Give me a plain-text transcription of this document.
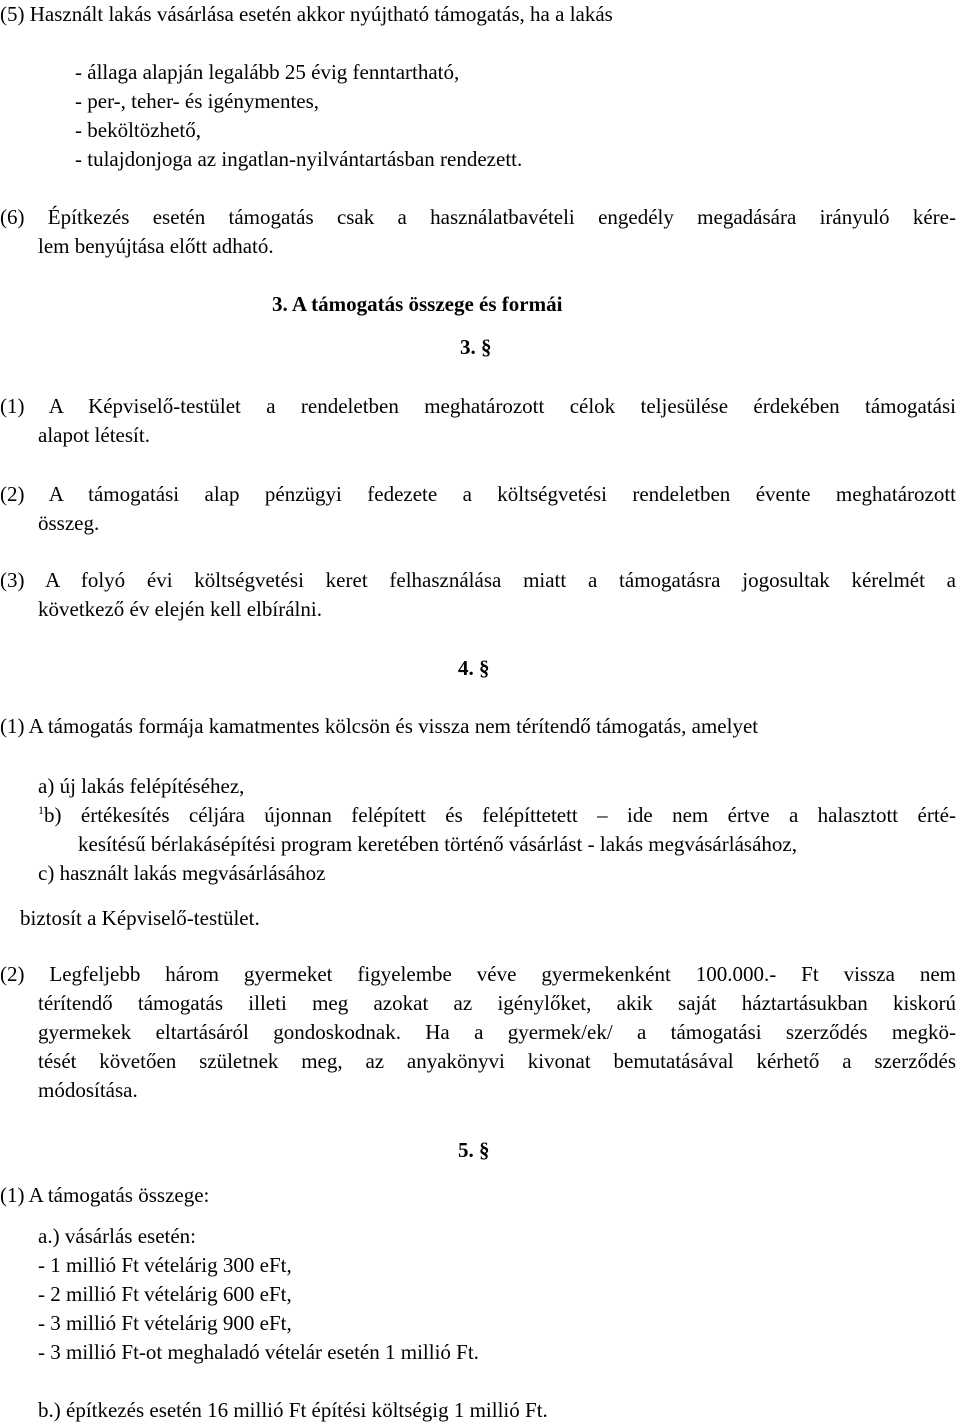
(5) Használt lakás vásárlása esetén akkor nyújtható támogatás, ha a lakás
- állaga alapján legalább 25 évig fenntartható,
- per-, teher- és igénymentes,
- beköltözhető,
- tulajdonjoga az ingatlan-nyilvántartásban rendezett.
(6) Építkezés esetén támogatás csak a használatbavételi engedély megadására irányuló kére-
lem benyújtása előtt adható.
3. A támogatás összege és formái
3. §
(1) A Képviselő-testület a rendeletben meghatározott célok teljesülése érdekében támogatási
alapot létesít.
(2) A támogatási alap pénzügyi fedezete a költségvetési rendeletben évente meghatározott
összeg.
(3) A folyó évi költségvetési keret felhasználása miatt a támogatásra jogosultak kérelmét a
következő év elején kell elbírálni.
4. §
(1) A támogatás formája kamatmentes kölcsön és vissza nem térítendő támogatás, amelyet
a) új lakás felépítéséhez,
$^1$b) értékesítés céljára újonnan felépített és felépíttetett – ide nem értve a halasztott érté-
kesítésű bérlakásépítési program keretében történő vásárlást - lakás megvásárlásához,
c) használt lakás megvásárlásához
biztosít a Képviselő-testület.
(2) Legfeljebb három gyermeket figyelembe véve gyermekenként 100.000.- Ft vissza nem
térítendő támogatás illeti meg azokat az igénylőket, akik saját háztartásukban kiskorú
gyermekek eltartásáról gondoskodnak. Ha a gyermek/ek/ a támogatási szerződés megkö-
tését követően születnek meg, az anyakönyvi kivonat bemutatásával kérhető a szerződés
módosítása.
5. §
(1) A támogatás összege:
a.) vásárlás esetén:
- 1 millió Ft vételárig 300 eFt,
- 2 millió Ft vételárig 600 eFt,
- 3 millió Ft vételárig 900 eFt,
- 3 millió Ft-ot meghaladó vételár esetén 1 millió Ft.
b.) építkezés esetén 16 millió Ft építési költségig 1 millió Ft.
